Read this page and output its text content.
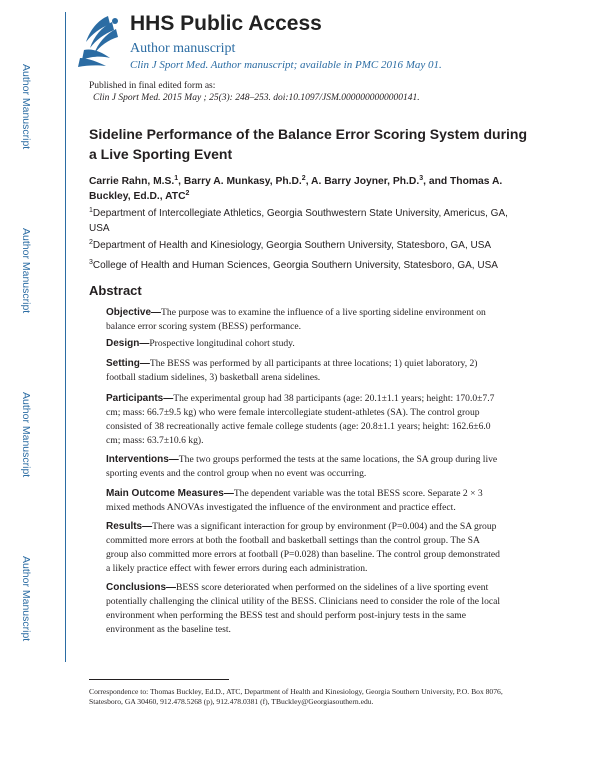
Author Manuscript
Author Manuscript
Author Manuscript
Author Manuscript
HHS Public Access
Author manuscript
Clin J Sport Med. Author manuscript; available in PMC 2016 May 01.
Published in final edited form as:
Clin J Sport Med. 2015 May ; 25(3): 248–253. doi:10.1097/JSM.0000000000000141.
Sideline Performance of the Balance Error Scoring System during a Live Sporting Event
Carrie Rahn, M.S.$^1$, Barry A. Munkasy, Ph.D.$^2$, A. Barry Joyner, Ph.D.$^3$, and Thomas A. Buckley, Ed.D., ATC$^2$
$^1$Department of Intercollegiate Athletics, Georgia Southwestern State University, Americus, GA, USA
$^2$Department of Health and Kinesiology, Georgia Southern University, Statesboro, GA, USA
$^3$College of Health and Human Sciences, Georgia Southern University, Statesboro, GA, USA
Abstract
Objective—The purpose was to examine the influence of a live sporting sideline environment on balance error scoring system (BESS) performance.
Design—Prospective longitudinal cohort study.
Setting—The BESS was performed by all participants at three locations; 1) quiet laboratory, 2) football stadium sidelines, 3) basketball arena sidelines.
Participants—The experimental group had 38 participants (age: 20.1±1.1 years; height: 170.0±7.7 cm; mass: 66.7±9.5 kg) who were female intercollegiate student-athletes (SA). The control group consisted of 38 recreationally active female college students (age: 20.8±1.1 years; height: 162.6±6.0 cm; mass: 63.7±10.6 kg).
Interventions—The two groups performed the tests at the same locations, the SA group during live sporting events and the control group when no event was occurring.
Main Outcome Measures—The dependent variable was the total BESS score. Separate 2 × 3 mixed methods ANOVAs investigated the influence of the environment and practice effect.
Results—There was a significant interaction for group by environment (P=0.004) and the SA group committed more errors at both the football and basketball settings than the control group. The SA group also committed more errors at football (P=0.028) than baseline. The control group demonstrated a likely practice effect with fewer errors during each administration.
Conclusions—BESS score deteriorated when performed on the sidelines of a live sporting event potentially challenging the clinical utility of the BESS. Clinicians need to consider the role of the local environment when performing the BESS test and should perform post-injury tests in the same environment as the baseline test.
Correspondence to: Thomas Buckley, Ed.D., ATC, Department of Health and Kinesiology, Georgia Southern University, P.O. Box 8076, Statesboro, GA 30460, 912.478.5268 (p), 912.478.0381 (f), TBuckley@Georgiasouthern.edu.
